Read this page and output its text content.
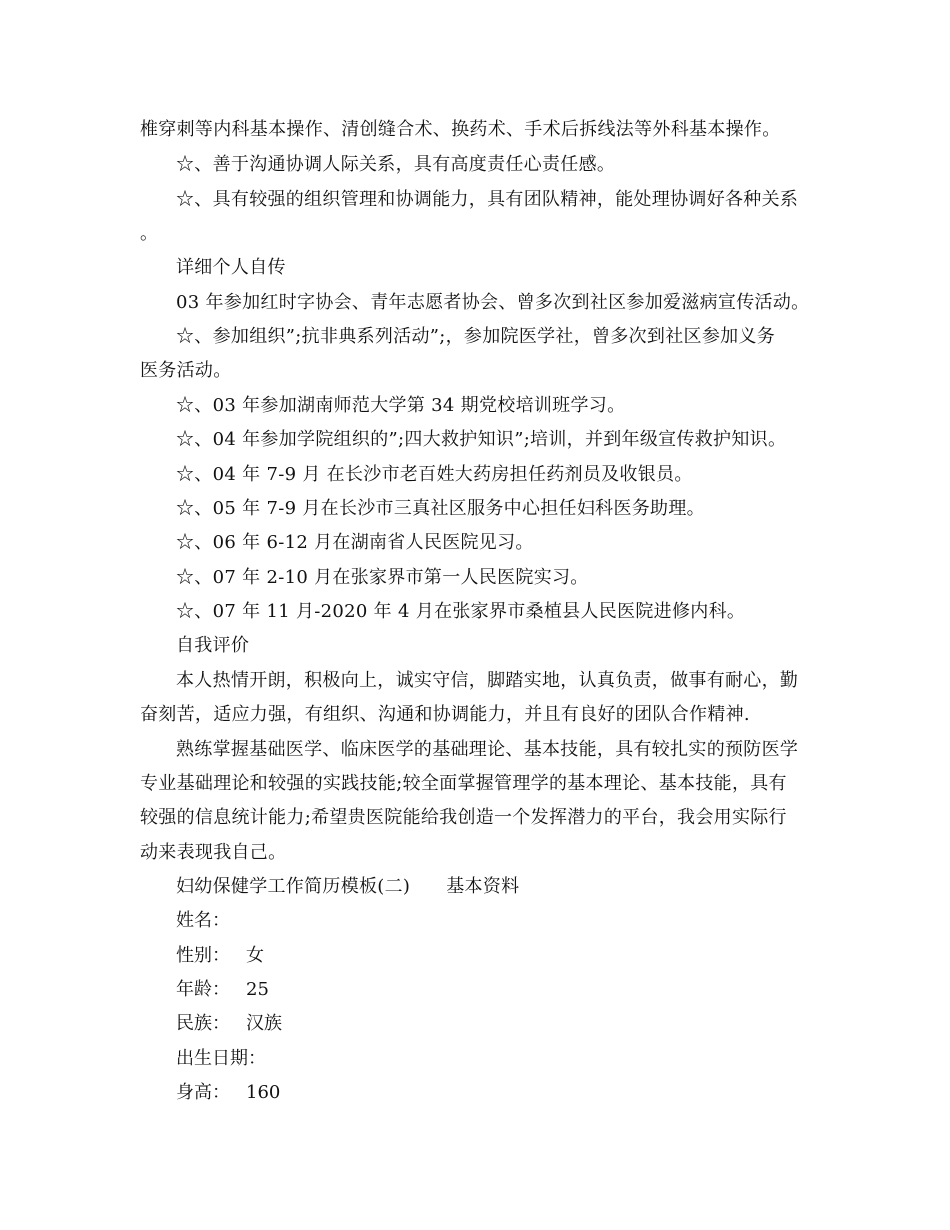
椎穿刺等内科基本操作、清创缝合术、换药术、手术后拆线法等外科基本操作。
☆、善于沟通协调人际关系，具有高度责任心责任感。
☆、具有较强的组织管理和协调能力，具有团队精神，能处理协调好各种关系
。
详细个人自传
03 年参加红时字协会、青年志愿者协会、曾多次到社区参加爱滋病宣传活动。
☆、参加组织”;抗非典系列活动”;，参加院医学社，曾多次到社区参加义务
医务活动。
☆、03 年参加湖南师范大学第 34 期党校培训班学习。
☆、04 年参加学院组织的”;四大救护知识”;培训，并到年级宣传救护知识。
☆、04 年 7-9 月 在长沙市老百姓大药房担任药剂员及收银员。
☆、05 年 7-9 月在长沙市三真社区服务中心担任妇科医务助理。
☆、06 年 6-12 月在湖南省人民医院见习。
☆、07 年 2-10 月在张家界市第一人民医院实习。
☆、07 年 11 月-2020 年 4 月在张家界市桑植县人民医院进修内科。
自我评价
本人热情开朗，积极向上，诚实守信，脚踏实地，认真负责，做事有耐心，勤
奋刻苦，适应力强，有组织、沟通和协调能力，并且有良好的团队合作精神.
熟练掌握基础医学、临床医学的基础理论、基本技能，具有较扎实的预防医学
专业基础理论和较强的实践技能;较全面掌握管理学的基本理论、基本技能，具有
较强的信息统计能力;希望贵医院能给我创造一个发挥潜力的平台，我会用实际行
动来表现我自己。
妇幼保健学工作简历模板(二) 基本资料
姓名：
性别： 女
年龄： 25
民族： 汉族
出生日期：
身高： 160
